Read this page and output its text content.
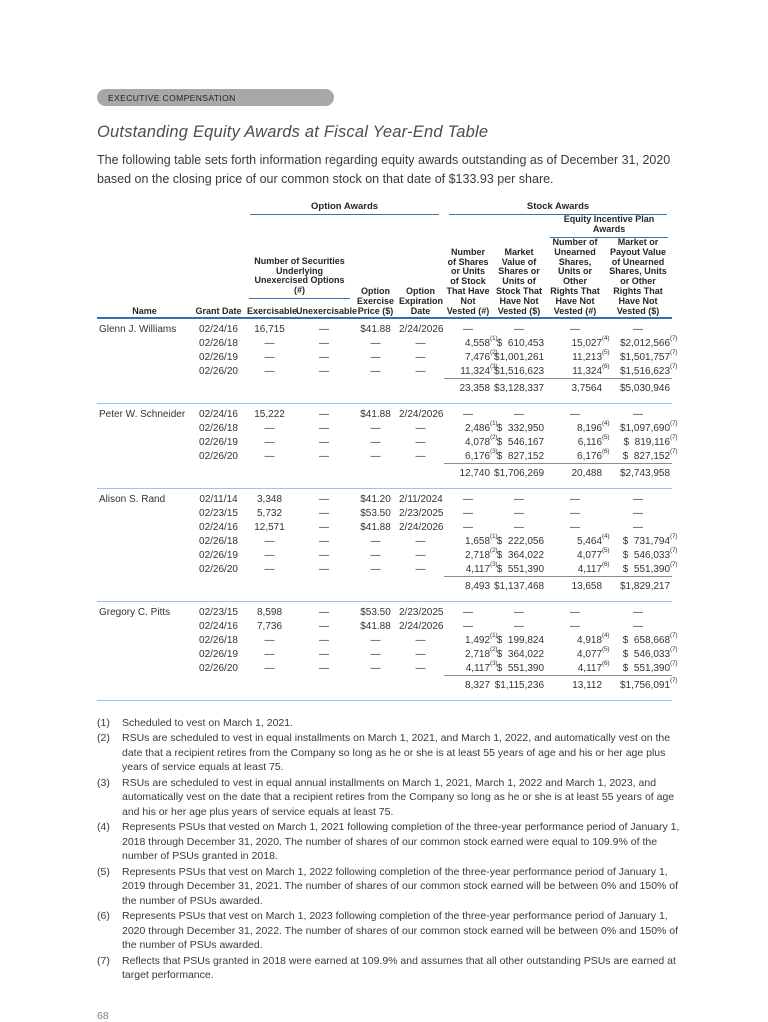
EXECUTIVE COMPENSATION
Outstanding Equity Awards at Fiscal Year-End Table
The following table sets forth information regarding equity awards outstanding as of December 31, 2020 based on the closing price of our common stock on that date of $133.93 per share.

		Option Awards				Stock Awards			

								Equity Incentive Plan Awards	

Name	Grant Date	Number of Securities Underlying Unexercised Options (#)		Option Exercise Price ($)	Option Expiration Date	Number of Shares or Units of Stock That Have Not Vested (#)	Market Value of Shares or Units of Stock That Have Not Vested ($)	Number of Unearned Shares, Units or Other Rights That Have Not Vested (#)	Market or Payout Value of Unearned Shares, Units or Other Rights That Have Not Vested ($)
		Exercisable	Unexercisable						
Glenn J. Williams	02/24/16	16,715	—	$41.88	2/24/2026	—	—	—	—
	02/26/18	—	—	—	—	4,558$^{(1)}$	$  610,453	15,027$^{(4)}$	$2,012,566$^{(7)}$
	02/26/19	—	—	—	—	7,476$^{(2)}$	$1,001,261	11,213$^{(5)}$	$1,501,757$^{(7)}$
	02/26/20	—	—	—	—	11,324$^{(3)}$	$1,516,623	11,324$^{(6)}$	$1,516,623$^{(7)}$
						23,358	$3,128,337	3,7564	$5,030,946

Peter W. Schneider	02/24/16	15,222	—	$41.88	2/24/2026	—	—	—	—
	02/26/18	—	—	—	—	2,486$^{(1)}$	$  332,950	8,196$^{(4)}$	$1,097,690$^{(7)}$
	02/26/19	—	—	—	—	4,078$^{(2)}$	$  546,167	6,116$^{(5)}$	$  819,116$^{(7)}$
	02/26/20	—	—	—	—	6,176$^{(3)}$	$  827,152	6,176$^{(6)}$	$  827,152$^{(7)}$
						12,740	$1,706,269	20,488	$2,743,958

Alison S. Rand	02/11/14	3,348	—	$41.20	2/11/2024	—	—	—	—
	02/23/15	5,732	—	$53.50	2/23/2025	—	—	—	—
	02/24/16	12,571	—	$41.88	2/24/2026	—	—	—	—
	02/26/18	—	—	—	—	1,658$^{(1)}$	$  222,056	5,464$^{(4)}$	$  731,794$^{(7)}$
	02/26/19	—	—	—	—	2,718$^{(2)}$	$  364,022	4,077$^{(5)}$	$  546,033$^{(7)}$
	02/26/20	—	—	—	—	4,117$^{(3)}$	$  551,390	4,117$^{(6)}$	$  551,390$^{(7)}$
						8,493	$1,137,468	13,658	$1,829,217

Gregory C. Pitts	02/23/15	8,598	—	$53.50	2/23/2025	—	—	—	—
	02/24/16	7,736	—	$41.88	2/24/2026	—	—	—	—
	02/26/18	—	—	—	—	1,492$^{(1)}$	$  199,824	4,918$^{(4)}$	$  658,668$^{(7)}$
	02/26/19	—	—	—	—	2,718$^{(2)}$	$  364,022	4,077$^{(5)}$	$  546,033$^{(7)}$
	02/26/20	—	—	—	—	4,117$^{(3)}$	$  551,390	4,117$^{(6)}$	$  551,390$^{(7)}$
						8,327	$1,115,236	13,112	$1,756,091$^{(7)}$

(1)	Scheduled to vest on March 1, 2021.
(2)	RSUs are scheduled to vest in equal installments on March 1, 2021, and March 1, 2022, and automatically vest on the date that a recipient retires from the Company so long as he or she is at least 55 years of age and his or her age plus years of service equals at least 75.
(3)	RSUs are scheduled to vest in equal annual installments on March 1, 2021, March 1, 2022 and March 1, 2023, and automatically vest on the date that a recipient retires from the Company so long as he or she is at least 55 years of age and his or her age plus years of service equals at least 75.
(4)	Represents PSUs that vested on March 1, 2021 following completion of the three-year performance period of January 1, 2018 through December 31, 2020. The number of shares of our common stock earned were equal to 109.9% of the number of PSUs granted in 2018.
(5)	Represents PSUs that vest on March 1, 2022 following completion of the three-year performance period of January 1, 2019 through December 31, 2021. The number of shares of our common stock earned will be between 0% and 150% of the number of PSUs awarded.
(6)	Represents PSUs that vest on March 1, 2023 following completion of the three-year performance period of January 1, 2020 through December 31, 2022. The number of shares of our common stock earned will be between 0% and 150% of the number of PSUs awarded.
(7)	Reflects that PSUs granted in 2018 were earned at 109.9% and assumes that all other outstanding PSUs are earned at target performance.
68
